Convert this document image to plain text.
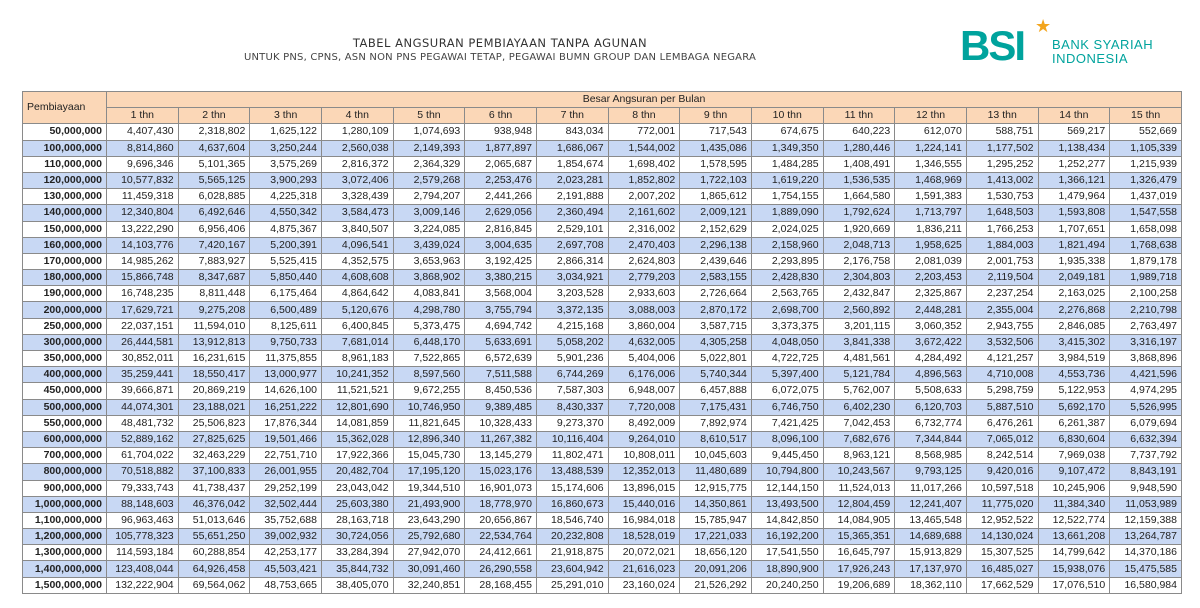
TABEL ANGSURAN PEMBIAYAAN TANPA AGUNAN
UNTUK PNS, CPNS, ASN NON PNS PEGAWAI TETAP, PEGAWAI BUMN GROUP DAN LEMBAGA NEGARA	BSI ★
BANK SYARIAH
INDONESIA
Pembiayaan	Besar Angsuran per Bulan														
	1 thn	2 thn	3 thn	4 thn	5 thn	6 thn	7 thn	8 thn	9 thn	10 thn	11 thn	12 thn	13 thn	14 thn	15 thn
50,000,000	4,407,430	2,318,802	1,625,122	1,280,109	1,074,693	938,948	843,034	772,001	717,543	674,675	640,223	612,070	588,751	569,217	552,669
100,000,000	8,814,860	4,637,604	3,250,244	2,560,038	2,149,393	1,877,897	1,686,067	1,544,002	1,435,086	1,349,350	1,280,446	1,224,141	1,177,502	1,138,434	1,105,339
110,000,000	9,696,346	5,101,365	3,575,269	2,816,372	2,364,329	2,065,687	1,854,674	1,698,402	1,578,595	1,484,285	1,408,491	1,346,555	1,295,252	1,252,277	1,215,939
120,000,000	10,577,832	5,565,125	3,900,293	3,072,406	2,579,268	2,253,476	2,023,281	1,852,802	1,722,103	1,619,220	1,536,535	1,468,969	1,413,002	1,366,121	1,326,479
130,000,000	11,459,318	6,028,885	4,225,318	3,328,439	2,794,207	2,441,266	2,191,888	2,007,202	1,865,612	1,754,155	1,664,580	1,591,383	1,530,753	1,479,964	1,437,019
140,000,000	12,340,804	6,492,646	4,550,342	3,584,473	3,009,146	2,629,056	2,360,494	2,161,602	2,009,121	1,889,090	1,792,624	1,713,797	1,648,503	1,593,808	1,547,558
150,000,000	13,222,290	6,956,406	4,875,367	3,840,507	3,224,085	2,816,845	2,529,101	2,316,002	2,152,629	2,024,025	1,920,669	1,836,211	1,766,253	1,707,651	1,658,098
160,000,000	14,103,776	7,420,167	5,200,391	4,096,541	3,439,024	3,004,635	2,697,708	2,470,403	2,296,138	2,158,960	2,048,713	1,958,625	1,884,003	1,821,494	1,768,638
170,000,000	14,985,262	7,883,927	5,525,415	4,352,575	3,653,963	3,192,425	2,866,314	2,624,803	2,439,646	2,293,895	2,176,758	2,081,039	2,001,753	1,935,338	1,879,178
180,000,000	15,866,748	8,347,687	5,850,440	4,608,608	3,868,902	3,380,215	3,034,921	2,779,203	2,583,155	2,428,830	2,304,803	2,203,453	2,119,504	2,049,181	1,989,718
190,000,000	16,748,235	8,811,448	6,175,464	4,864,642	4,083,841	3,568,004	3,203,528	2,933,603	2,726,664	2,563,765	2,432,847	2,325,867	2,237,254	2,163,025	2,100,258
200,000,000	17,629,721	9,275,208	6,500,489	5,120,676	4,298,780	3,755,794	3,372,135	3,088,003	2,870,172	2,698,700	2,560,892	2,448,281	2,355,004	2,276,868	2,210,798
250,000,000	22,037,151	11,594,010	8,125,611	6,400,845	5,373,475	4,694,742	4,215,168	3,860,004	3,587,715	3,373,375	3,201,115	3,060,352	2,943,755	2,846,085	2,763,497
300,000,000	26,444,581	13,912,813	9,750,733	7,681,014	6,448,170	5,633,691	5,058,202	4,632,005	4,305,258	4,048,050	3,841,338	3,672,422	3,532,506	3,415,302	3,316,197
350,000,000	30,852,011	16,231,615	11,375,855	8,961,183	7,522,865	6,572,639	5,901,236	5,404,006	5,022,801	4,722,725	4,481,561	4,284,492	4,121,257	3,984,519	3,868,896
400,000,000	35,259,441	18,550,417	13,000,977	10,241,352	8,597,560	7,511,588	6,744,269	6,176,006	5,740,344	5,397,400	5,121,784	4,896,563	4,710,008	4,553,736	4,421,596
450,000,000	39,666,871	20,869,219	14,626,100	11,521,521	9,672,255	8,450,536	7,587,303	6,948,007	6,457,888	6,072,075	5,762,007	5,508,633	5,298,759	5,122,953	4,974,295
500,000,000	44,074,301	23,188,021	16,251,222	12,801,690	10,746,950	9,389,485	8,430,337	7,720,008	7,175,431	6,746,750	6,402,230	6,120,703	5,887,510	5,692,170	5,526,995
550,000,000	48,481,732	25,506,823	17,876,344	14,081,859	11,821,645	10,328,433	9,273,370	8,492,009	7,892,974	7,421,425	7,042,453	6,732,774	6,476,261	6,261,387	6,079,694
600,000,000	52,889,162	27,825,625	19,501,466	15,362,028	12,896,340	11,267,382	10,116,404	9,264,010	8,610,517	8,096,100	7,682,676	7,344,844	7,065,012	6,830,604	6,632,394
700,000,000	61,704,022	32,463,229	22,751,710	17,922,366	15,045,730	13,145,279	11,802,471	10,808,011	10,045,603	9,445,450	8,963,121	8,568,985	8,242,514	7,969,038	7,737,792
800,000,000	70,518,882	37,100,833	26,001,955	20,482,704	17,195,120	15,023,176	13,488,539	12,352,013	11,480,689	10,794,800	10,243,567	9,793,125	9,420,016	9,107,472	8,843,191
900,000,000	79,333,743	41,738,437	29,252,199	23,043,042	19,344,510	16,901,073	15,174,606	13,896,015	12,915,775	12,144,150	11,524,013	11,017,266	10,597,518	10,245,906	9,948,590
1,000,000,000	88,148,603	46,376,042	32,502,444	25,603,380	21,493,900	18,778,970	16,860,673	15,440,016	14,350,861	13,493,500	12,804,459	12,241,407	11,775,020	11,384,340	11,053,989
1,100,000,000	96,963,463	51,013,646	35,752,688	28,163,718	23,643,290	20,656,867	18,546,740	16,984,018	15,785,947	14,842,850	14,084,905	13,465,548	12,952,522	12,522,774	12,159,388
1,200,000,000	105,778,323	55,651,250	39,002,932	30,724,056	25,792,680	22,534,764	20,232,808	18,528,019	17,221,033	16,192,200	15,365,351	14,689,688	14,130,024	13,661,208	13,264,787
1,300,000,000	114,593,184	60,288,854	42,253,177	33,284,394	27,942,070	24,412,661	21,918,875	20,072,021	18,656,120	17,541,550	16,645,797	15,913,829	15,307,525	14,799,642	14,370,186
1,400,000,000	123,408,044	64,926,458	45,503,421	35,844,732	30,091,460	26,290,558	23,604,942	21,616,023	20,091,206	18,890,900	17,926,243	17,137,970	16,485,027	15,938,076	15,475,585
1,500,000,000	132,222,904	69,564,062	48,753,665	38,405,070	32,240,851	28,168,455	25,291,010	23,160,024	21,526,292	20,240,250	19,206,689	18,362,110	17,662,529	17,076,510	16,580,984
